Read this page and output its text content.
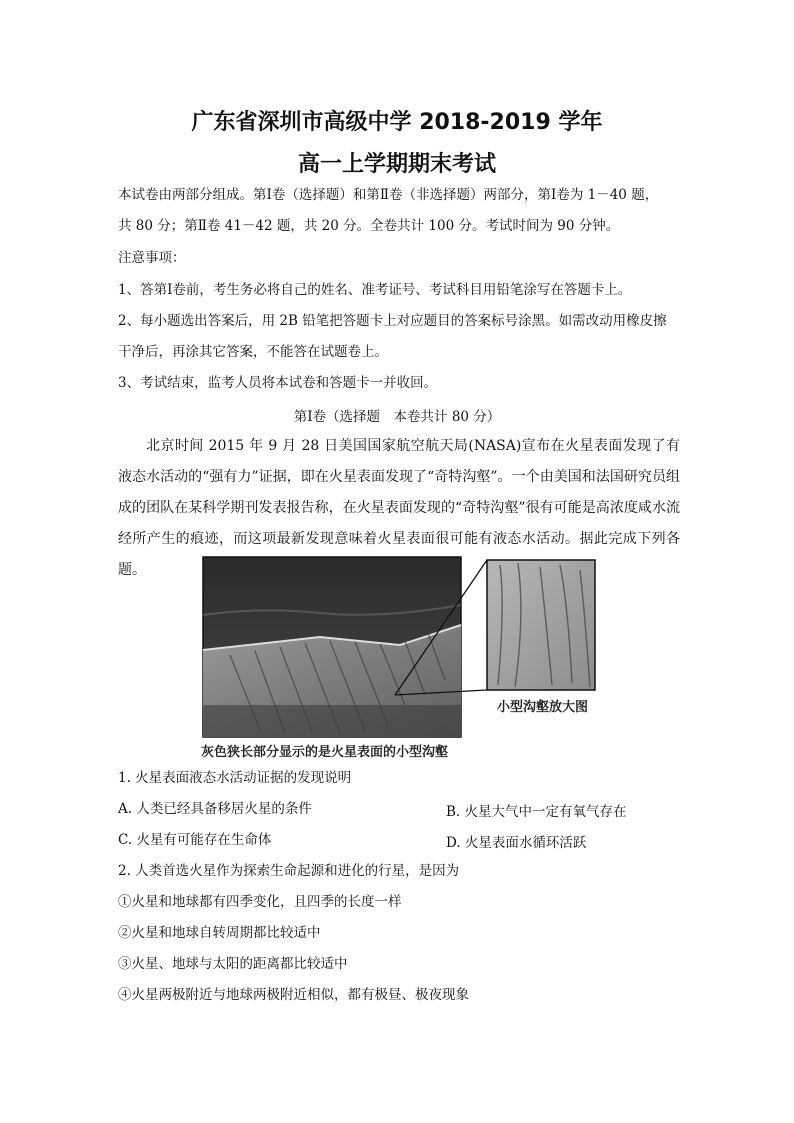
广东省深圳市高级中学 2018-2019 学年
高一上学期期末考试
本试卷由两部分组成。第Ⅰ卷（选择题）和第Ⅱ卷（非选择题）两部分，第Ⅰ卷为 1－40 题，
共 80 分；第Ⅱ卷 41－42 题，共 20 分。全卷共计 100 分。考试时间为 90 分钟。
注意事项：
1、答第Ⅰ卷前，考生务必将自己的姓名、准考证号、考试科目用铅笔涂写在答题卡上。
2、每小题选出答案后，用 2B 铅笔把答题卡上对应题目的答案标号涂黑。如需改动用橡皮擦
干净后，再涂其它答案，不能答在试题卷上。
3、考试结束，监考人员将本试卷和答题卡一并收回。
第Ⅰ卷（选择题　本卷共计 80 分）
北京时间 2015 年 9 月 28 日美国国家航空航天局(NASA)宣布在火星表面发现了有液态水活动的“强有力”证据，即在火星表面发现了“奇特沟壑”。一个由美国和法国研究员组成的团队在某科学期刊发表报告称，在火星表面发现的“奇特沟壑”很有可能是高浓度咸水流经所产生的痕迹，而这项最新发现意味着火星表面很可能有液态水活动。据此完成下列各题。
小型沟壑放大图
灰色狭长部分显示的是火星表面的小型沟壑
1. 火星表面液态水活动证据的发现说明
A. 人类已经具备移居火星的条件	B. 火星大气中一定有氧气存在
C. 火星有可能存在生命体	D. 火星表面水循环活跃
2. 人类首选火星作为探索生命起源和进化的行星，是因为
①火星和地球都有四季变化，且四季的长度一样
②火星和地球自转周期都比较适中
③火星、地球与太阳的距离都比较适中
④火星两极附近与地球两极附近相似，都有极昼、极夜现象
